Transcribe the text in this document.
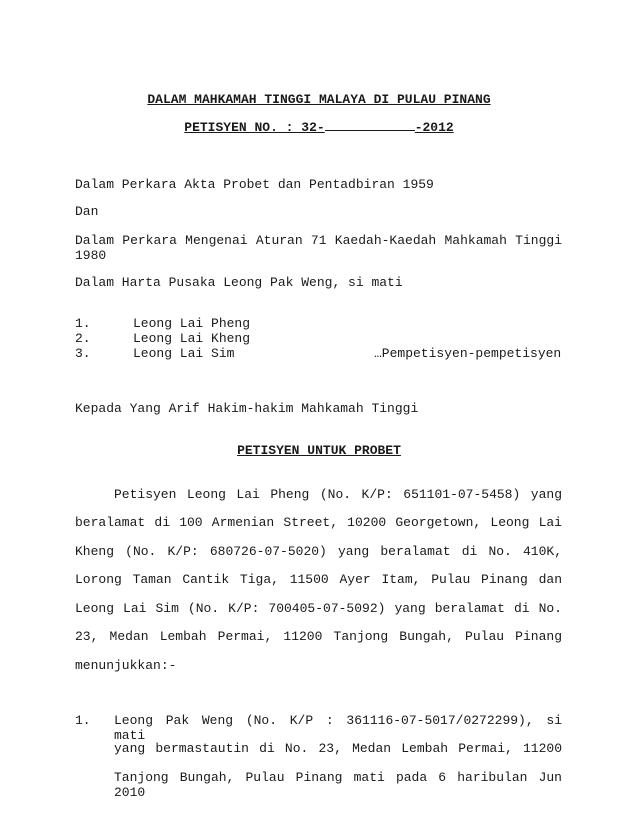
DALAM MAHKAMAH TINGGI MALAYA DI PULAU PINANG
PETISYEN NO. : 32-	-2012
Dalam Perkara Akta Probet dan Pentadbiran 1959
Dan
Dalam Perkara Mengenai Aturan 71 Kaedah-Kaedah Mahkamah Tinggi
1980
Dalam Harta Pusaka Leong Pak Weng, si mati
1.	Leong Lai Pheng
2.	Leong Lai Kheng
3.	Leong Lai Sim	…Pempetisyen-pempetisyen
Kepada Yang Arif Hakim-hakim Mahkamah Tinggi
PETISYEN UNTUK PROBET
Petisyen Leong Lai Pheng (No. K/P: 651101-07-5458) yang
beralamat di 100 Armenian Street, 10200 Georgetown, Leong Lai
Kheng (No. K/P: 680726-07-5020) yang beralamat di No. 410K,
Lorong Taman Cantik Tiga, 11500 Ayer Itam, Pulau Pinang dan
Leong Lai Sim (No. K/P: 700405-07-5092) yang beralamat di No.
23, Medan Lembah Permai, 11200 Tanjong Bungah, Pulau Pinang
menunjukkan:-
1. Leong Pak Weng (No. K/P : 361116-07-5017/0272299), si mati
yang bermastautin di No. 23, Medan Lembah Permai, 11200
Tanjong Bungah, Pulau Pinang mati pada 6 haribulan Jun 2010
